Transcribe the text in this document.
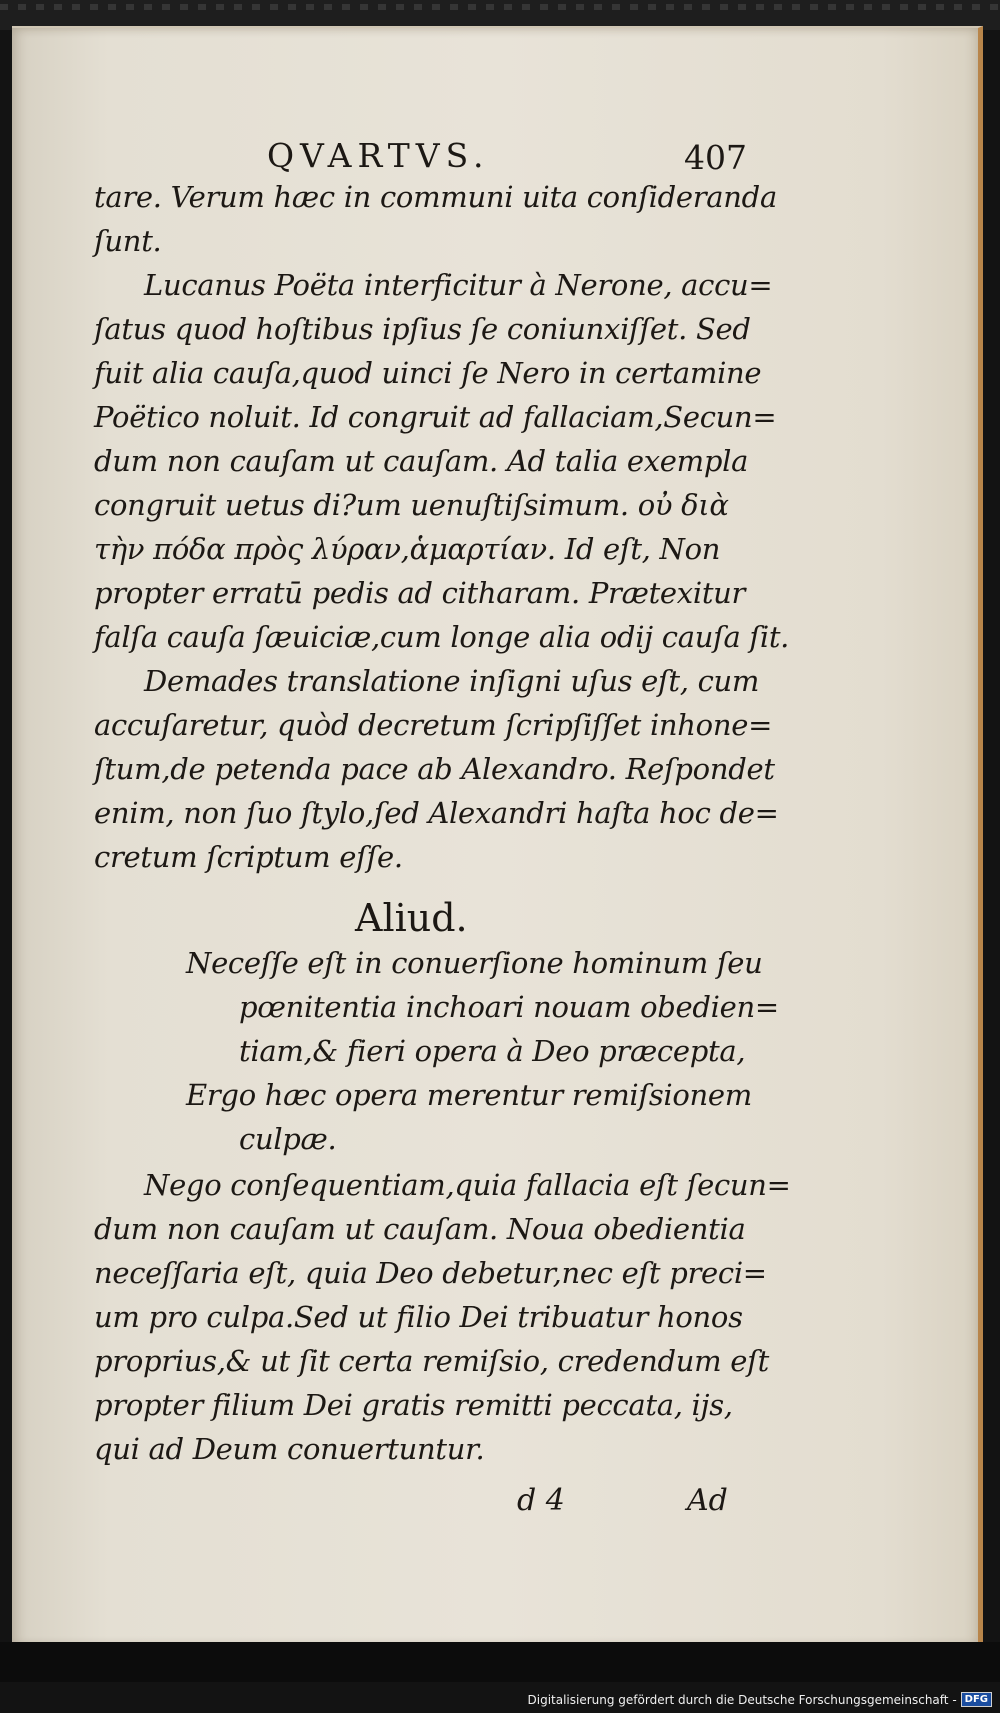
QVARTVS.	407
tare. Verum hæc in communi uita conſideranda
ſunt.
Lucanus Poëta interficitur à Nerone, accu=
ſatus quod hoſtibus ipſius ſe coniunxiſſet. Sed
fuit alia cauſa,quod uinci ſe Nero in certamine
Poëtico noluit. Id congruit ad fallaciam,Secun=
dum non cauſam ut cauſam. Ad talia exempla
congruit uetus di?um uenuſtiſsimum. οὐ διὰ
τὴν πόδα πρὸς λύραν,ἁμαρτίαν. Id eſt, Non
propter erratū pedis ad citharam. Prætexitur
falſa cauſa ſæuiciæ,cum longe alia odij cauſa ſit.
Demades translatione inſigni uſus eſt, cum
accuſaretur, quòd decretum ſcripſiſſet inhone=
ſtum,de petenda pace ab Alexandro. Reſpondet
enim, non ſuo ſtylo,ſed Alexandri haſta hoc de=
cretum ſcriptum eſſe.
Neceſſe eſt in conuerſione hominum ſeu
pœnitentia inchoari nouam obedien=
tiam,& fieri opera à Deo præcepta,
Ergo hæc opera merentur remiſsionem
culpæ.
Nego conſequentiam,quia fallacia eſt ſecun=
dum non cauſam ut cauſam. Noua obedientia
neceſſaria eſt, quia Deo debetur,nec eſt preci=
um pro culpa.Sed ut filio Dei tribuatur honos
proprius,& ut ſit certa remiſsio, credendum eſt
propter filium Dei gratis remitti peccata, ijs,
qui ad Deum conuertuntur.
Aliud.
d 4	Ad
Digitalisierung gefördert durch die Deutsche Forschungsgemeinschaft - DFG
